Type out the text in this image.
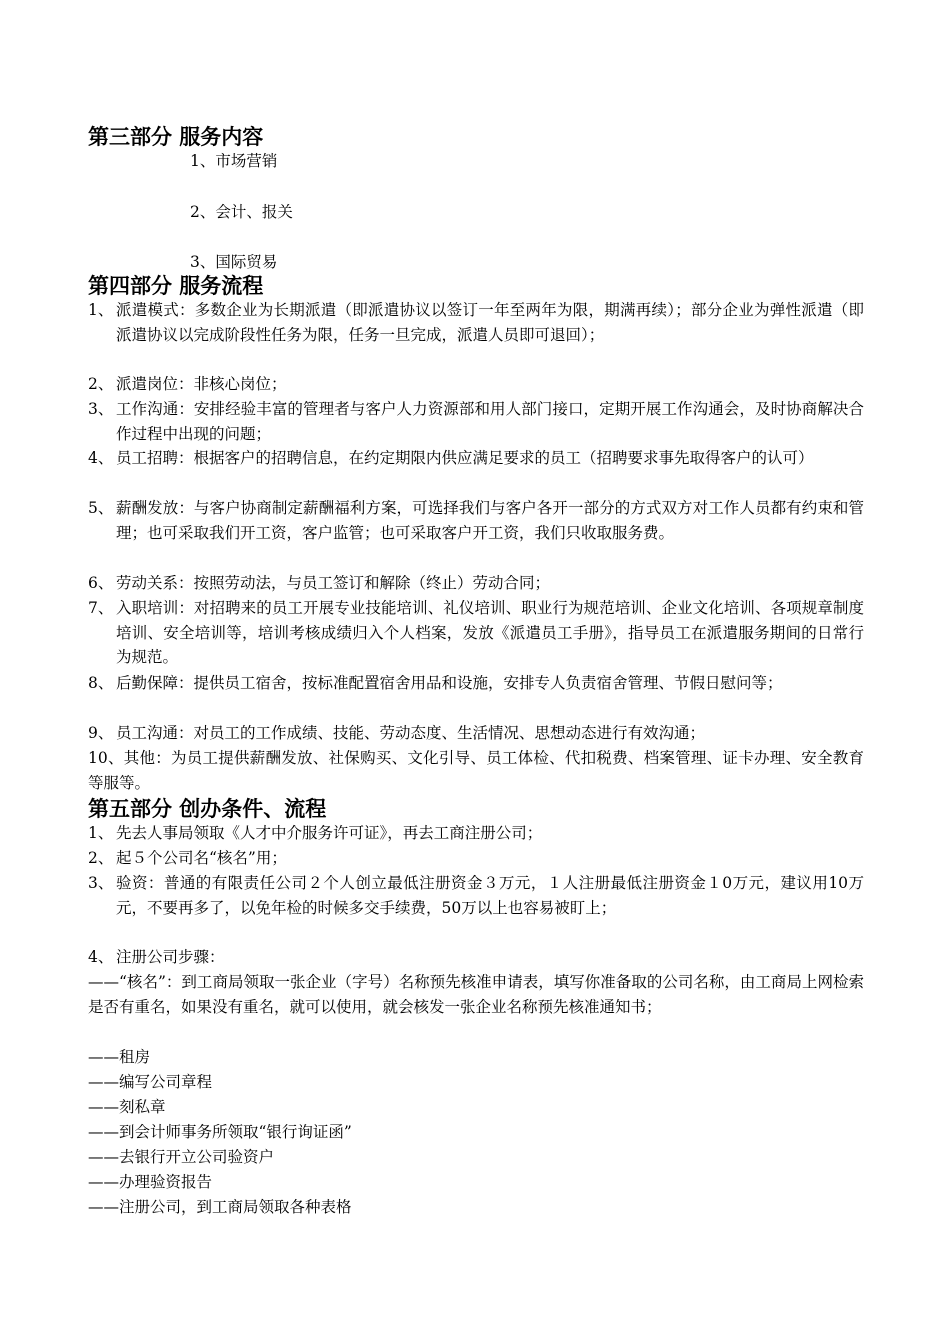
第三部分 服务内容
1、市场营销
2、会计、报关
3、国际贸易
第四部分 服务流程
1、 派遣模式：多数企业为长期派遣（即派遣协议以签订一年至两年为限，期满再续）；部分企业为弹性派遣（即派遣协议以完成阶段性任务为限，任务一旦完成，派遣人员即可退回）；
2、 派遣岗位：非核心岗位；
3、 工作沟通：安排经验丰富的管理者与客户人力资源部和用人部门接口，定期开展工作沟通会，及时协商解决合作过程中出现的问题；
4、 员工招聘：根据客户的招聘信息，在约定期限内供应满足要求的员工（招聘要求事先取得客户的认可）
5、 薪酬发放：与客户协商制定薪酬福利方案，可选择我们与客户各开一部分的方式双方对工作人员都有约束和管理；也可采取我们开工资，客户监管；也可采取客户开工资，我们只收取服务费。
6、 劳动关系：按照劳动法，与员工签订和解除（终止）劳动合同；
7、 入职培训：对招聘来的员工开展专业技能培训、礼仪培训、职业行为规范培训、企业文化培训、各项规章制度培训、安全培训等，培训考核成绩归入个人档案，发放《派遣员工手册》，指导员工在派遣服务期间的日常行为规范。
8、 后勤保障：提供员工宿舍，按标准配置宿舍用品和设施，安排专人负责宿舍管理、节假日慰问等；
9、 员工沟通：对员工的工作成绩、技能、劳动态度、生活情况、思想动态进行有效沟通；
10、其他：为员工提供薪酬发放、社保购买、文化引导、员工体检、代扣税费、档案管理、证卡办理、安全教育等服等。
第五部分 创办条件、流程
1、 先去人事局领取《人才中介服务许可证》，再去工商注册公司；
2、 起５个公司名“核名”用；
3、 验资：普通的有限责任公司２个人创立最低注册资金３万元，１人注册最低注册资金１0万元，建议用10万元，不要再多了，以免年检的时候多交手续费，50万以上也容易被盯上；
4、 注册公司步骤：
——“核名”：到工商局领取一张企业（字号）名称预先核准申请表，填写你准备取的公司名称，由工商局上网检索是否有重名，如果没有重名，就可以使用，就会核发一张企业名称预先核准通知书；
——租房
——编写公司章程
——刻私章
——到会计师事务所领取“银行询证函”
——去银行开立公司验资户
——办理验资报告
——注册公司，到工商局领取各种表格
